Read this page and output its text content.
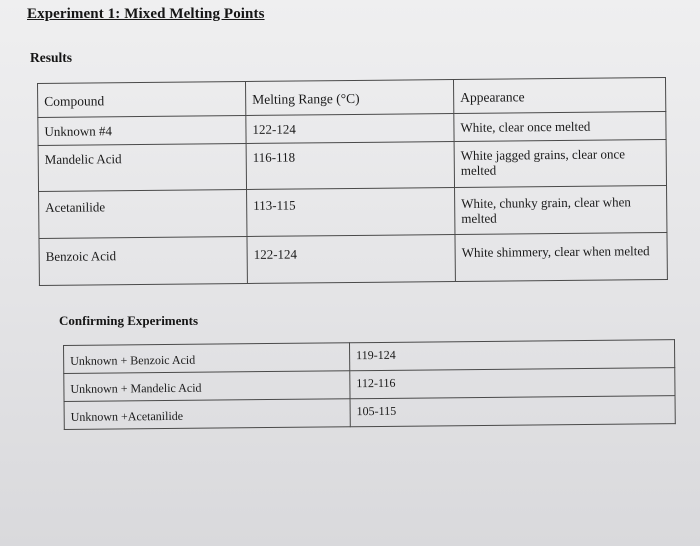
Experiment 1: Mixed Melting Points
Results
Compound	Melting Range (°C)	Appearance

Unknown #4	122-124	White, clear once melted

Mandelic Acid	116-118	White jagged grains, clear once melted

Acetanilide	113-115	White, chunky grain, clear when melted

Benzoic Acid	122-124	White shimmery, clear when melted
Confirming Experiments
Unknown + Benzoic Acid	119-124

Unknown + Mandelic Acid	112-116

Unknown +Acetanilide	105-115
